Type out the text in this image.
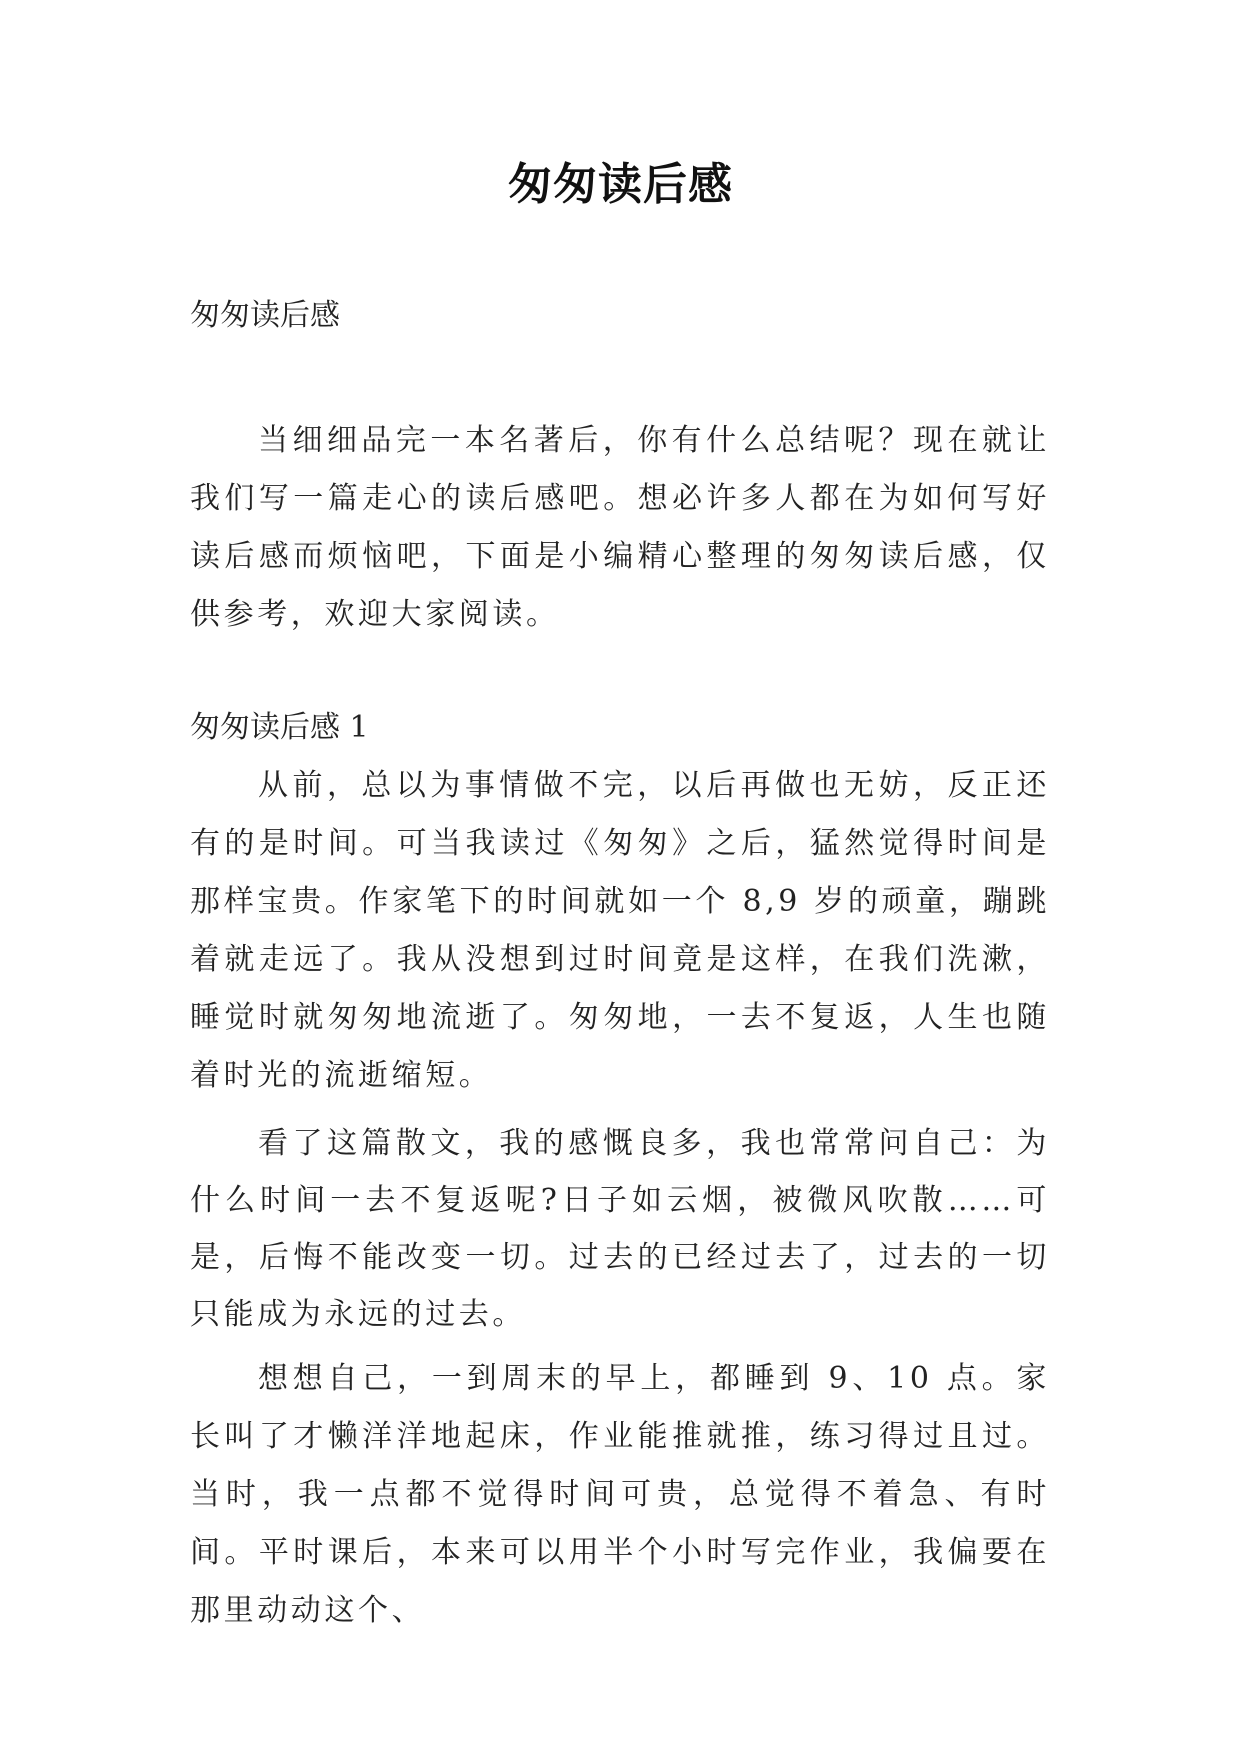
匆匆读后感
匆匆读后感

当细细品完一本名著后，你有什么总结呢？现在就让我们写一篇走心的读后感吧。想必许多人都在为如何写好读后感而烦恼吧，下面是小编精心整理的匆匆读后感，仅供参考，欢迎大家阅读。

匆匆读后感 1

从前，总以为事情做不完，以后再做也无妨，反正还有的是时间。可当我读过《匆匆》之后，猛然觉得时间是那样宝贵。作家笔下的时间就如一个 8,9 岁的顽童，蹦跳着就走远了。我从没想到过时间竟是这样，在我们洗漱，睡觉时就匆匆地流逝了。匆匆地，一去不复返，人生也随着时光的流逝缩短。

看了这篇散文，我的感慨良多，我也常常问自己：为什么时间一去不复返呢?日子如云烟，被微风吹散……可是，后悔不能改变一切。过去的已经过去了，过去的一切只能成为永远的过去。

想想自己，一到周末的早上，都睡到 9、10 点。家长叫了才懒洋洋地起床，作业能推就推，练习得过且过。当时，我一点都不觉得时间可贵，总觉得不着急、有时间。平时课后，本来可以用半个小时写完作业，我偏要在那里动动这个、
